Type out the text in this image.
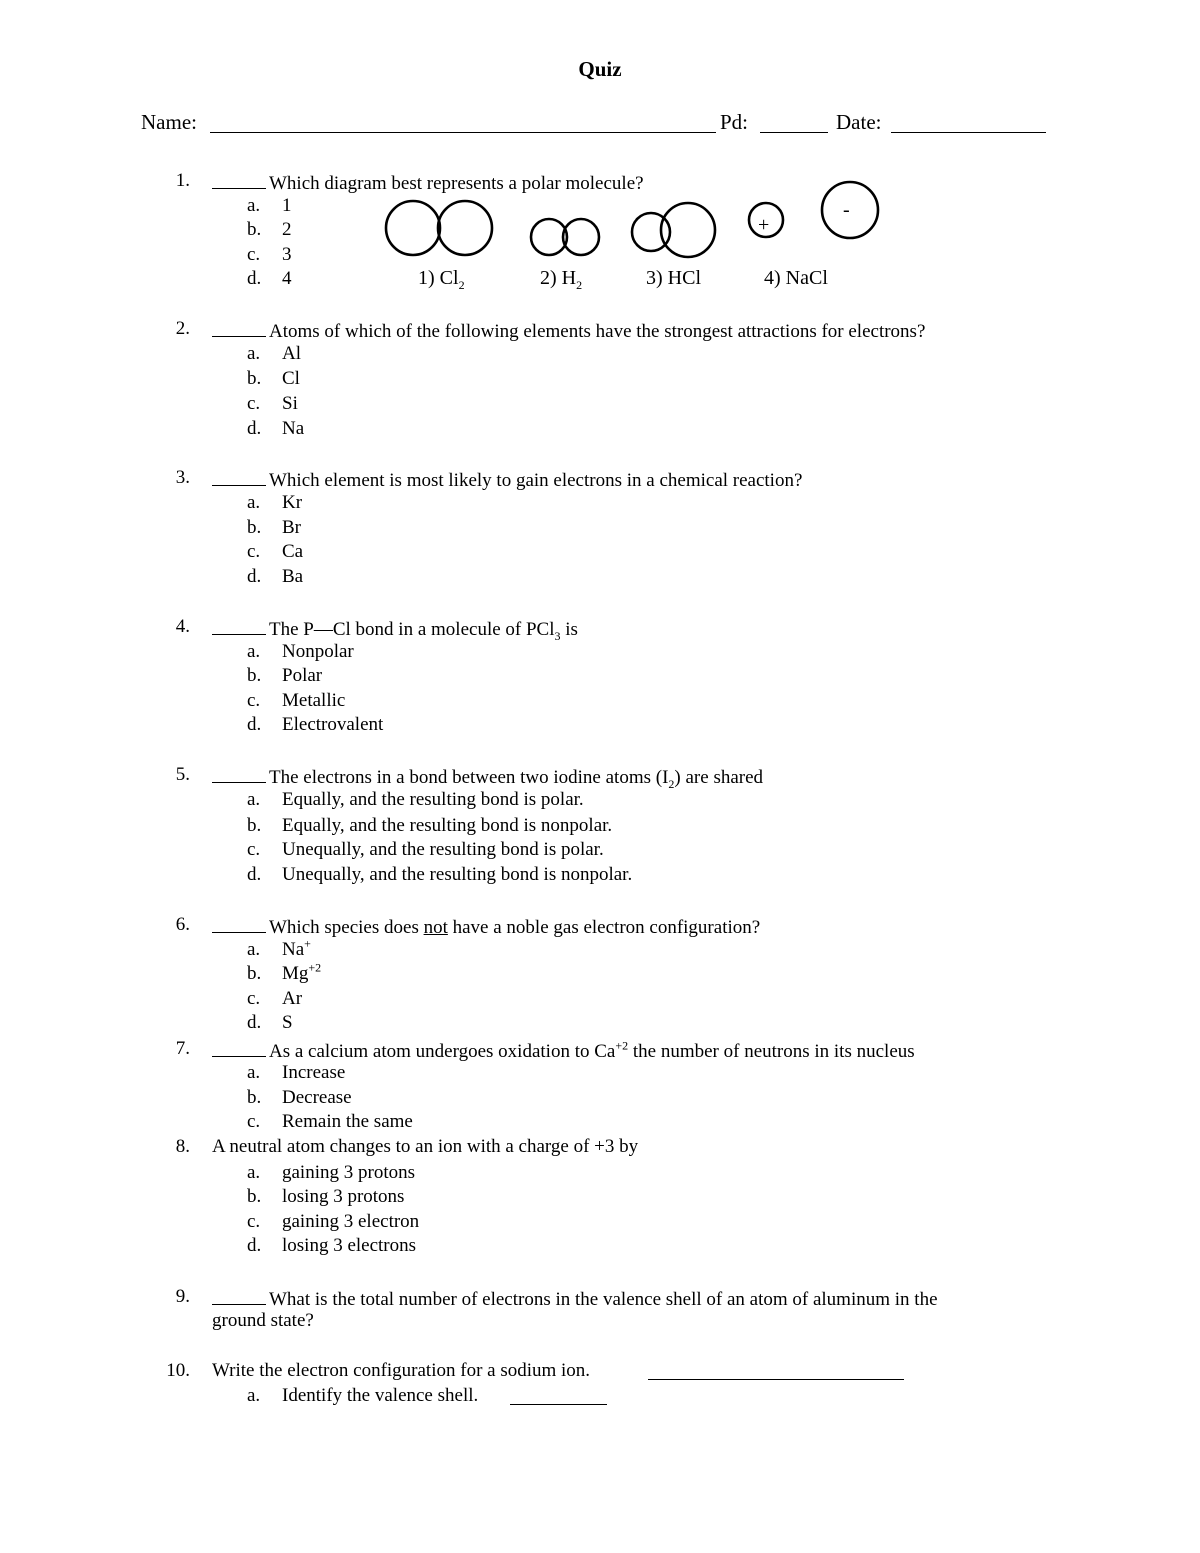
Quiz
Name:	Pd:	Date:
+
-
1) $Cl_2$	2) $H_2$	3) HCl	4) NaCl
1.	Which diagram best represents a polar molecule?
a. 1
b. 2
c. 3
d. 4
2.	Atoms of which of the following elements have the strongest attractions for electrons?
a. Al
b. Cl
c. Si
d. Na
3.	Which element is most likely to gain electrons in a chemical reaction?
a. Kr
b. Br
c. Ca
d. Ba
4.	The P—Cl bond in a molecule of PCl$_3$ is
a. Nonpolar
b. Polar
c. Metallic
d. Electrovalent
5.	The electrons in a bond between two iodine atoms $(I_2)$ are shared
a. Equally, and the resulting bond is polar.
b. Equally, and the resulting bond is nonpolar.
c. Unequally, and the resulting bond is polar.
d. Unequally, and the resulting bond is nonpolar.
6.	Which species does not have a noble gas electron configuration?
a. Na+
b. $Mg^{+2}$
c. Ar
d. S
7.	As a calcium atom undergoes oxidation to $Ca^{+2}$ the number of neutrons in its nucleus
a. Increase
b. Decrease
c. Remain the same
8. A neutral atom changes to an ion with a charge of +3 by
a. gaining 3 protons
b. losing 3 protons
c. gaining 3 electron
d. losing 3 electrons
9.	What is the total number of electrons in the valence shell of an atom of aluminum in the
ground state?
10. Write the electron configuration for a sodium ion.
a. Identify the valence shell.
